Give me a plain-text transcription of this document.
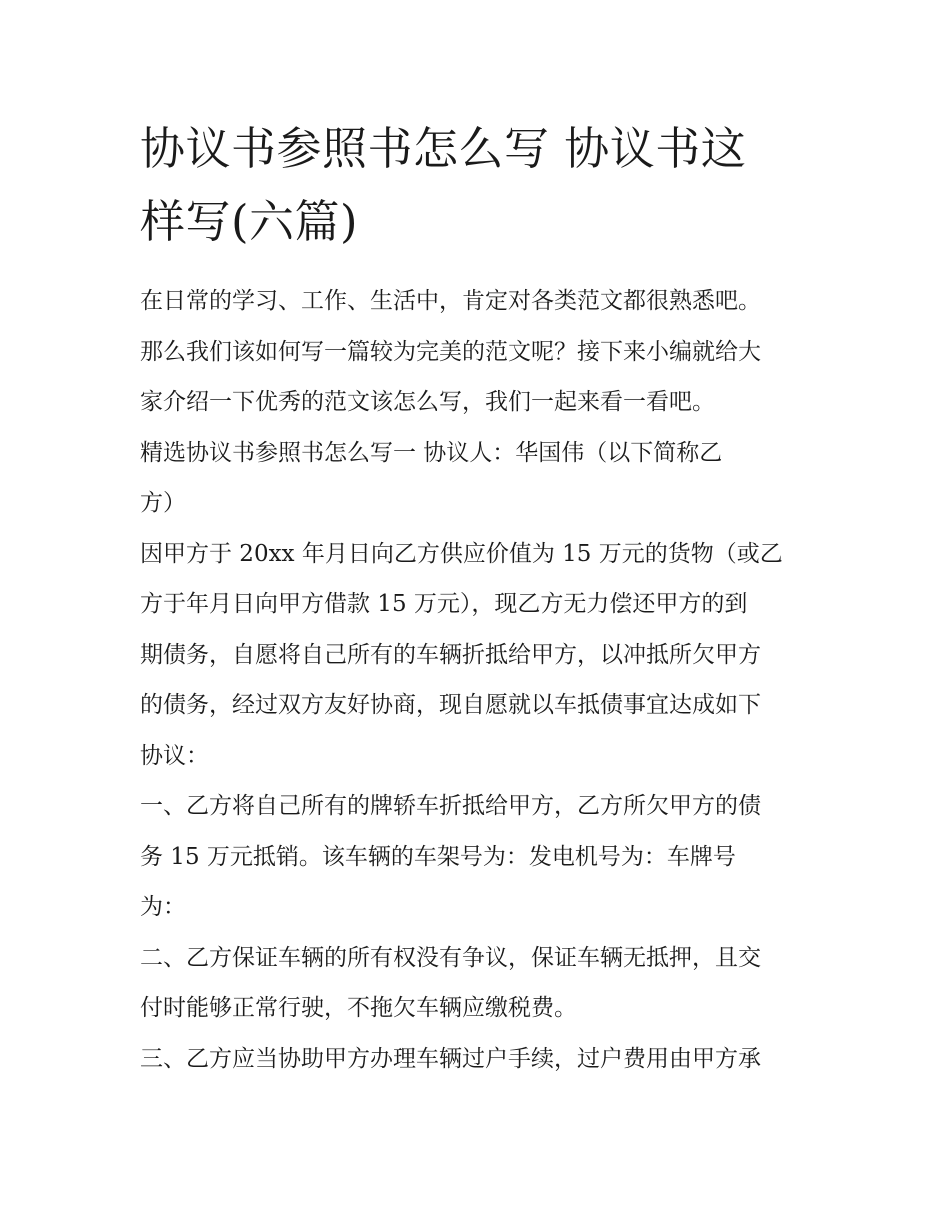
协议书参照书怎么写 协议书这
样写(六篇)
在日常的学习、工作、生活中，肯定对各类范文都很熟悉吧。
那么我们该如何写一篇较为完美的范文呢？接下来小编就给大
家介绍一下优秀的范文该怎么写，我们一起来看一看吧。
精选协议书参照书怎么写一 协议人：华国伟（以下简称乙
方）
因甲方于 20xx 年月日向乙方供应价值为 15 万元的货物（或乙
方于年月日向甲方借款 15 万元），现乙方无力偿还甲方的到
期债务，自愿将自己所有的车辆折抵给甲方，以冲抵所欠甲方
的债务，经过双方友好协商，现自愿就以车抵债事宜达成如下
协议：
一、乙方将自己所有的牌轿车折抵给甲方，乙方所欠甲方的债
务 15 万元抵销。该车辆的车架号为：发电机号为：车牌号
为：
二、乙方保证车辆的所有权没有争议，保证车辆无抵押，且交
付时能够正常行驶，不拖欠车辆应缴税费。
三、乙方应当协助甲方办理车辆过户手续，过户费用由甲方承
